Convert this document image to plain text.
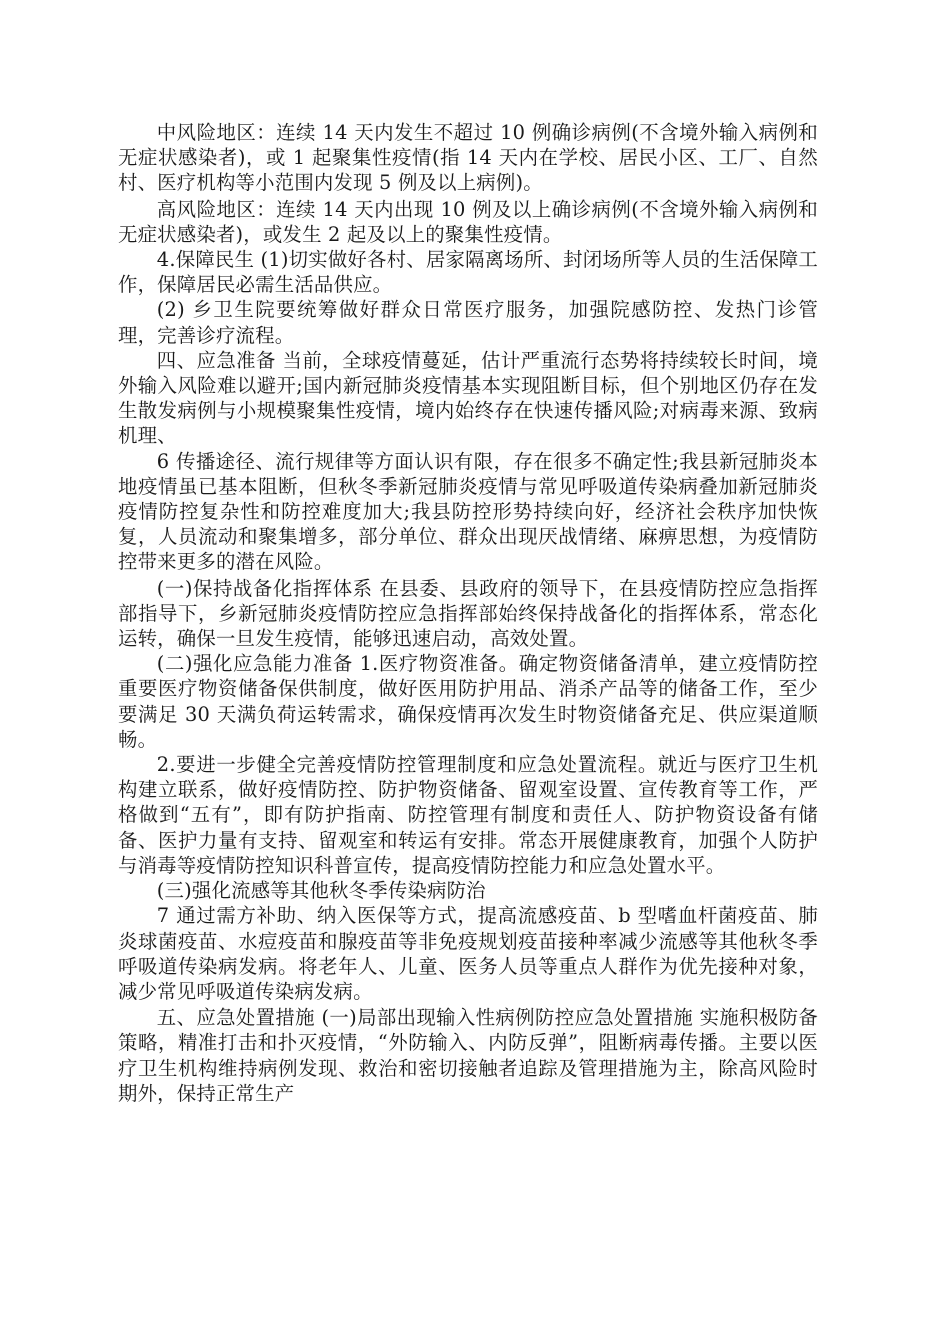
中风险地区：连续 14 天内发生不超过 10 例确诊病例(不含境外输入病例和无症状感染者)，或 1 起聚集性疫情(指 14 天内在学校、居民小区、工厂、自然村、医疗机构等小范围内发现 5 例及以上病例)。

高风险地区：连续 14 天内出现 10 例及以上确诊病例(不含境外输入病例和无症状感染者)，或发生 2 起及以上的聚集性疫情。

4.保障民生 (1)切实做好各村、居家隔离场所、封闭场所等人员的生活保障工作，保障居民必需生活品供应。

(2) 乡卫生院要统筹做好群众日常医疗服务，加强院感防控、发热门诊管理，完善诊疗流程。

四、应急准备 当前，全球疫情蔓延，估计严重流行态势将持续较长时间，境外输入风险难以避开;国内新冠肺炎疫情基本实现阻断目标，但个别地区仍存在发生散发病例与小规模聚集性疫情，境内始终存在快速传播风险;对病毒来源、致病机理、

6 传播途径、流行规律等方面认识有限，存在很多不确定性;我县新冠肺炎本地疫情虽已基本阻断，但秋冬季新冠肺炎疫情与常见呼吸道传染病叠加新冠肺炎疫情防控复杂性和防控难度加大;我县防控形势持续向好，经济社会秩序加快恢复，人员流动和聚集增多，部分单位、群众出现厌战情绪、麻痹思想，为疫情防控带来更多的潜在风险。

(一)保持战备化指挥体系 在县委、县政府的领导下，在县疫情防控应急指挥部指导下，乡新冠肺炎疫情防控应急指挥部始终保持战备化的指挥体系，常态化运转，确保一旦发生疫情，能够迅速启动，高效处置。

(二)强化应急能力准备 1.医疗物资准备。确定物资储备清单，建立疫情防控重要医疗物资储备保供制度，做好医用防护用品、消杀产品等的储备工作，至少要满足 30 天满负荷运转需求，确保疫情再次发生时物资储备充足、供应渠道顺畅。

2.要进一步健全完善疫情防控管理制度和应急处置流程。就近与医疗卫生机构建立联系，做好疫情防控、防护物资储备、留观室设置、宣传教育等工作，严格做到“五有”，即有防护指南、防控管理有制度和责任人、防护物资设备有储备、医护力量有支持、留观室和转运有安排。常态开展健康教育，加强个人防护与消毒等疫情防控知识科普宣传，提高疫情防控能力和应急处置水平。

(三)强化流感等其他秋冬季传染病防治

7 通过需方补助、纳入医保等方式，提高流感疫苗、b 型嗜血杆菌疫苗、肺炎球菌疫苗、水痘疫苗和腺疫苗等非免疫规划疫苗接种率减少流感等其他秋冬季呼吸道传染病发病。将老年人、儿童、医务人员等重点人群作为优先接种对象，减少常见呼吸道传染病发病。

五、应急处置措施 (一)局部出现输入性病例防控应急处置措施 实施积极防备策略，精准打击和扑灭疫情，“外防输入、内防反弹”，阻断病毒传播。主要以医疗卫生机构维持病例发现、救治和密切接触者追踪及管理措施为主，除高风险时期外，保持正常生产
